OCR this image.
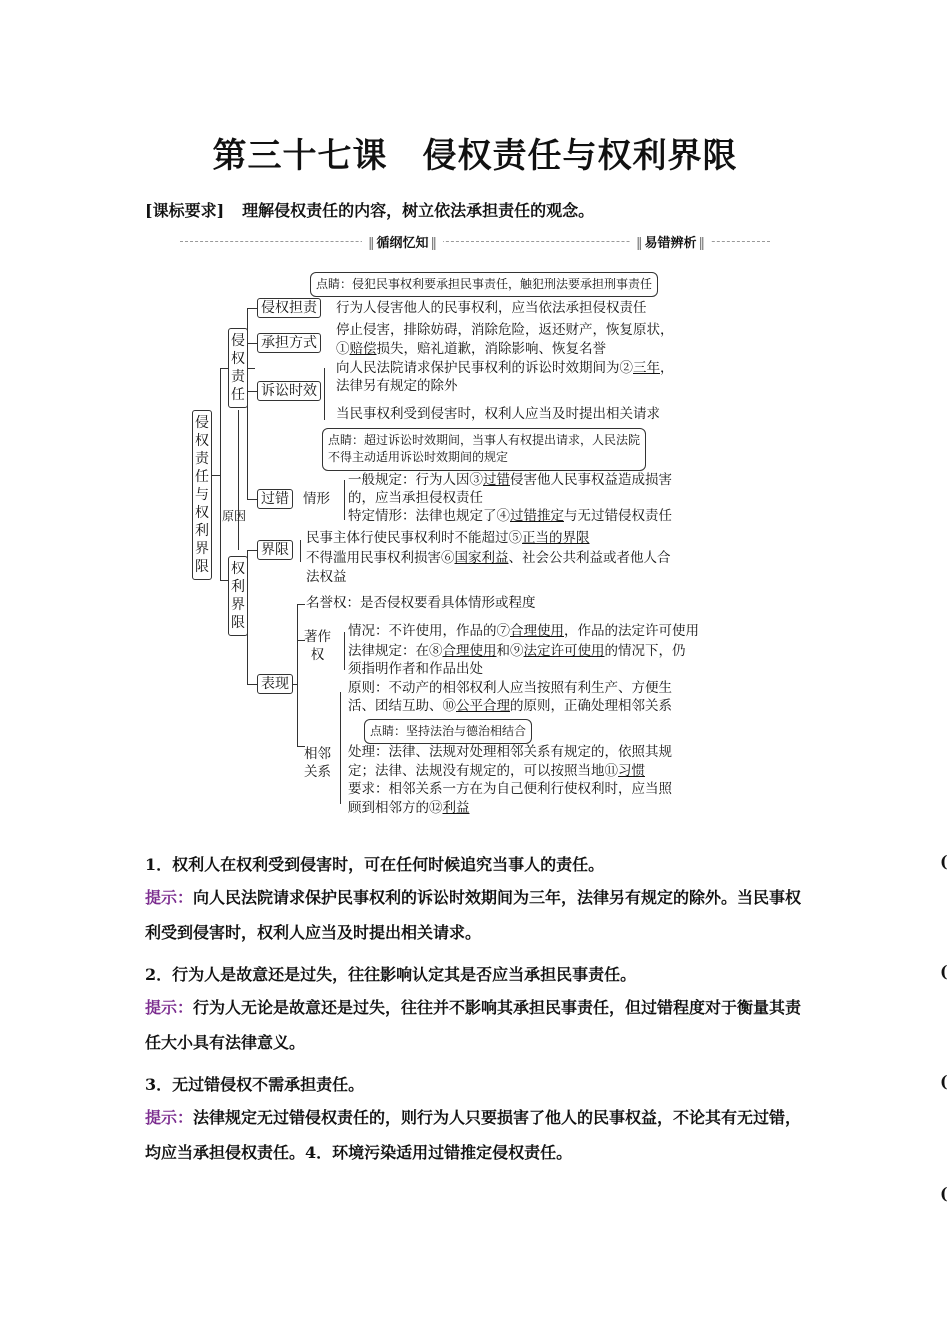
第三十七课　侵权责任与权利界限
[课标要求] 理解侵权责任的内容，树立依法承担责任的观念。
‖ 循纲忆知 ‖
‖	易错辨析 ‖
侵权责任与权利界限
侵权责任
权利界限
原因
点睛：侵犯民事权利要承担民事责任，触犯刑法要承担刑事责任
侵权担责 行为人侵害他人的民事权利，应当依法承担侵权责任
承担方式
停止侵害，排除妨碍，消除危险，返还财产，恢复原状，
①赔偿损失，赔礼道歉，消除影响、恢复名誉
诉讼时效
向人民法院请求保护民事权利的诉讼时效期间为②三年，
法律另有规定的除外
当民事权利受到侵害时，权利人应当及时提出相关请求
点睛：超过诉讼时效期间，当事人有权提出请求，人民法院
不得主动适用诉讼时效期间的规定
过错 情形
一般规定：行为人因③过错侵害他人民事权益造成损害
的，应当承担侵权责任
特定情形：法律也规定了④过错推定与无过错侵权责任
界限
民事主体行使民事权利时不能超过⑤正当的界限
不得滥用民事权利损害⑥国家利益、社会公共利益或者他人合
法权益
名誉权：是否侵权要看具体情形或程度
表现
著作
权
情况：不许使用，作品的⑦合理使用，作品的法定许可使用
法律规定：在⑧合理使用和⑨法定许可使用的情况下，仍
须指明作者和作品出处
相邻
关系
原则：不动产的相邻权利人应当按照有利生产、方便生
活、团结互助、⑩公平合理的原则，正确处理相邻关系
点睛：坚持法治与德治相结合
处理：法律、法规对处理相邻关系有规定的，依照其规
定；法律、法规没有规定的，可以按照当地⑪习惯
要求：相邻关系一方在为自己便利行使权利时，应当照
顾到相邻方的⑫利益
1．权利人在权利受到侵害时，可在任何时候追究当事人的责任。	(
提示：向人民法院请求保护民事权利的诉讼时效期间为三年，法律另有规定的除外。当民事权利受到侵害时，权利人应当及时提出相关请求。
2．行为人是故意还是过失，往往影响认定其是否应当承担民事责任。	(
提示：行为人无论是故意还是过失，往往并不影响其承担民事责任，但过错程度对于衡量其责任大小具有法律意义。
3．无过错侵权不需承担责任。	(
提示：法律规定无过错侵权责任的，则行为人只要损害了他人的民事权益，不论其有无过错，均应当承担侵权责任。4．环境污染适用过错推定侵权责任。
(
